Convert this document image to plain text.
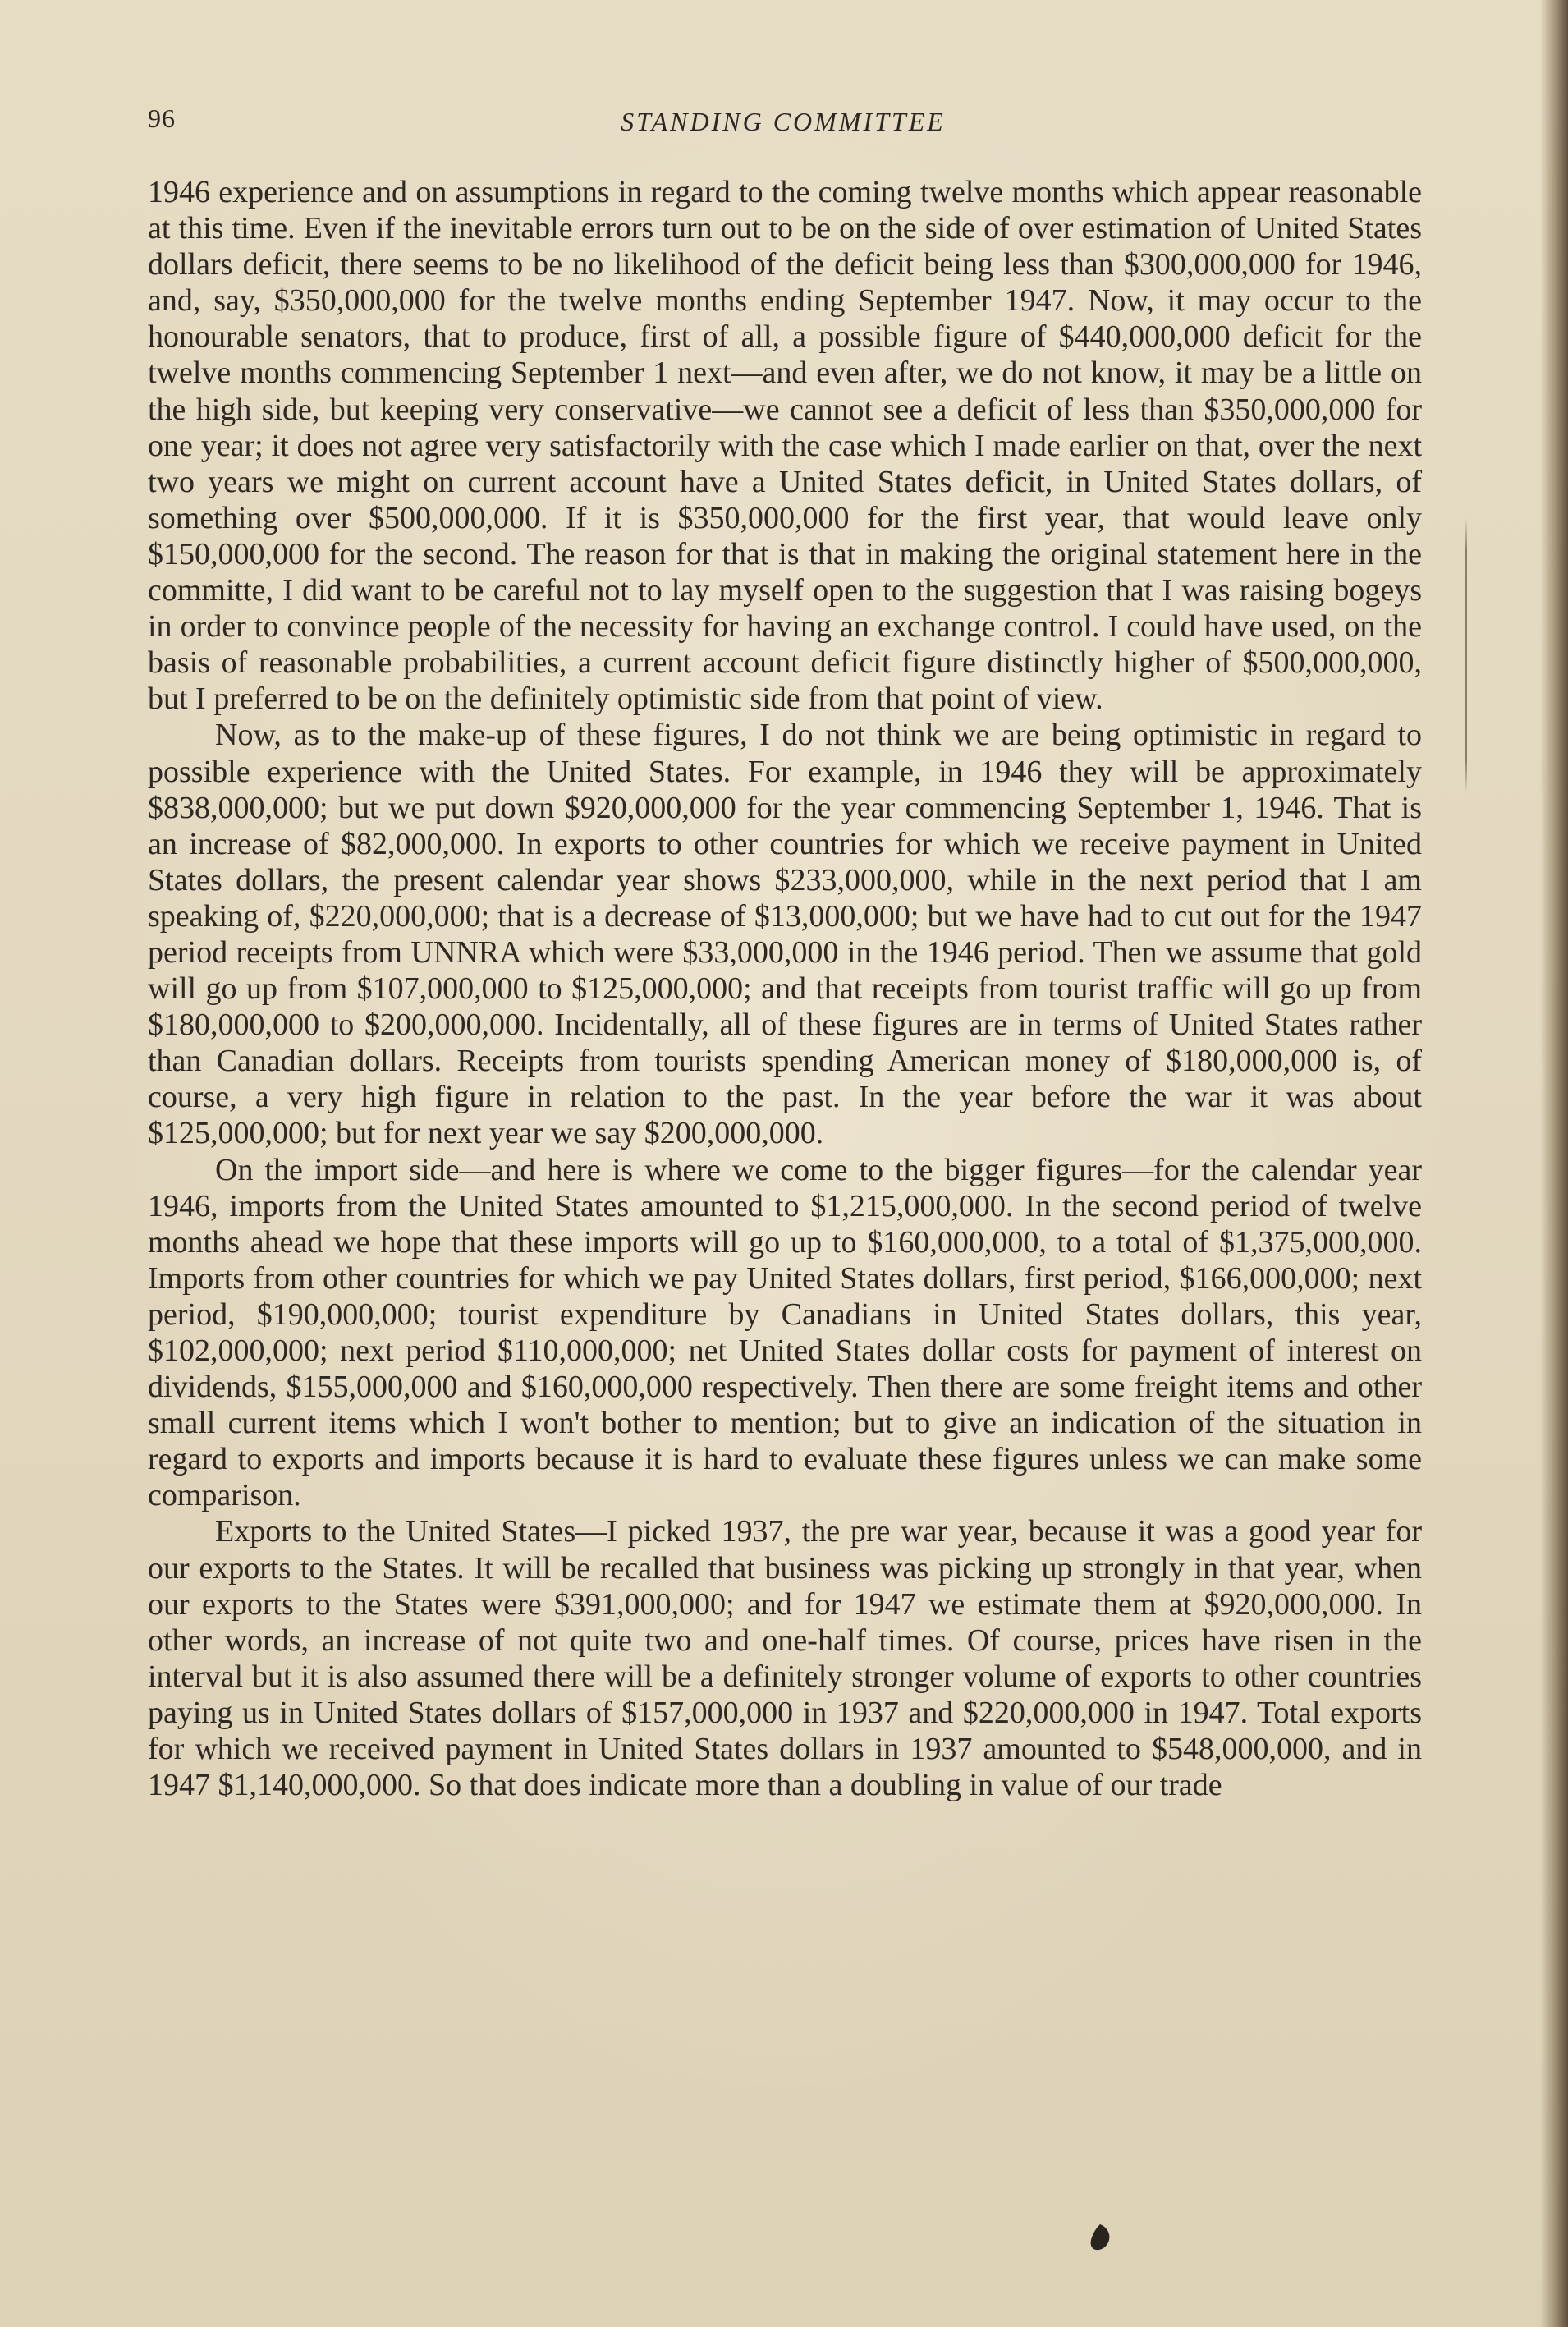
96	STANDING COMMITTEE

1946 experience and on assumptions in regard to the coming twelve months which appear reasonable at this time. Even if the inevitable errors turn out to be on the side of over estimation of United States dollars deficit, there seems to be no likelihood of the deficit being less than $300,000,000 for 1946, and, say, $350,000,000 for the twelve months ending September 1947. Now, it may occur to the honourable senators, that to produce, first of all, a possible figure of $440,000,000 deficit for the twelve months commencing September 1 next—and even after, we do not know, it may be a little on the high side, but keeping very conservative—we cannot see a deficit of less than $350,000,000 for one year; it does not agree very satisfactorily with the case which I made earlier on that, over the next two years we might on current account have a United States deficit, in United States dollars, of something over $500,000,000. If it is $350,000,000 for the first year, that would leave only $150,000,000 for the second. The reason for that is that in making the original statement here in the committe, I did want to be careful not to lay myself open to the suggestion that I was raising bogeys in order to convince people of the necessity for having an exchange control. I could have used, on the basis of reasonable probabilities, a current account deficit figure distinctly higher of $500,000,000, but I preferred to be on the definitely optimistic side from that point of view.

Now, as to the make-up of these figures, I do not think we are being optimistic in regard to possible experience with the United States. For example, in 1946 they will be approximately $838,000,000; but we put down $920,000,000 for the year commencing September 1, 1946. That is an increase of $82,000,000. In exports to other countries for which we receive payment in United States dollars, the present calendar year shows $233,000,000, while in the next period that I am speaking of, $220,000,000; that is a decrease of $13,000,000; but we have had to cut out for the 1947 period receipts from UNNRA which were $33,000,000 in the 1946 period. Then we assume that gold will go up from $107,000,000 to $125,000,000; and that receipts from tourist traffic will go up from $180,000,000 to $200,000,000. Incidentally, all of these figures are in terms of United States rather than Canadian dollars. Receipts from tourists spending American money of $180,000,000 is, of course, a very high figure in relation to the past. In the year before the war it was about $125,000,000; but for next year we say $200,000,000.

On the import side—and here is where we come to the bigger figures—for the calendar year 1946, imports from the United States amounted to $1,215,000,000. In the second period of twelve months ahead we hope that these imports will go up to $160,000,000, to a total of $1,375,000,000. Imports from other countries for which we pay United States dollars, first period, $166,000,000; next period, $190,000,000; tourist expenditure by Canadians in United States dollars, this year, $102,000,000; next period $110,000,000; net United States dollar costs for payment of interest on dividends, $155,000,000 and $160,000,000 respectively. Then there are some freight items and other small current items which I won't bother to mention; but to give an indication of the situation in regard to exports and imports because it is hard to evaluate these figures unless we can make some comparison.

Exports to the United States—I picked 1937, the pre war year, because it was a good year for our exports to the States. It will be recalled that business was picking up strongly in that year, when our exports to the States were $391,000,000; and for 1947 we estimate them at $920,000,000. In other words, an increase of not quite two and one-half times. Of course, prices have risen in the interval but it is also assumed there will be a definitely stronger volume of exports to other countries paying us in United States dollars of $157,000,000 in 1937 and $220,000,000 in 1947. Total exports for which we received payment in United States dollars in 1937 amounted to $548,000,000, and in 1947 $1,140,000,000. So that does indicate more than a doubling in value of our trade
